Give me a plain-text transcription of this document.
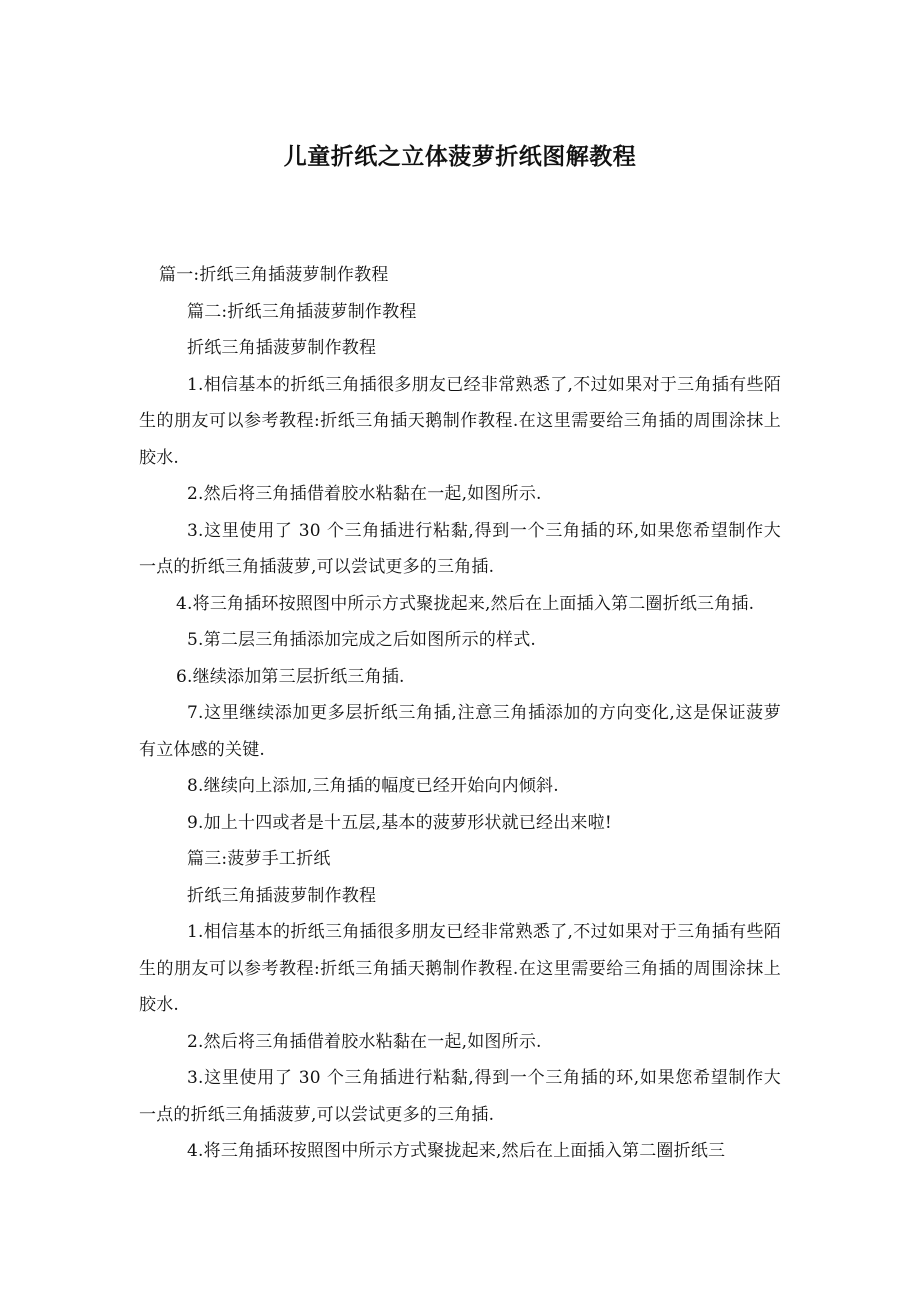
儿童折纸之立体菠萝折纸图解教程

篇一:折纸三角插菠萝制作教程

篇二:折纸三角插菠萝制作教程

折纸三角插菠萝制作教程

1.相信基本的折纸三角插很多朋友已经非常熟悉了,不过如果对于三角插有些陌生的朋友可以参考教程:折纸三角插天鹅制作教程.在这里需要给三角插的周围涂抹上胶水.

2.然后将三角插借着胶水粘黏在一起,如图所示.

3.这里使用了 30 个三角插进行粘黏,得到一个三角插的环,如果您希望制作大一点的折纸三角插菠萝,可以尝试更多的三角插.

4.将三角插环按照图中所示方式聚拢起来,然后在上面插入第二圈折纸三角插.

5.第二层三角插添加完成之后如图所示的样式.

6.继续添加第三层折纸三角插.

7.这里继续添加更多层折纸三角插,注意三角插添加的方向变化,这是保证菠萝有立体感的关键.

8.继续向上添加,三角插的幅度已经开始向内倾斜.

9.加上十四或者是十五层,基本的菠萝形状就已经出来啦!

篇三:菠萝手工折纸

折纸三角插菠萝制作教程

1.相信基本的折纸三角插很多朋友已经非常熟悉了,不过如果对于三角插有些陌生的朋友可以参考教程:折纸三角插天鹅制作教程.在这里需要给三角插的周围涂抹上胶水.

2.然后将三角插借着胶水粘黏在一起,如图所示.

3.这里使用了 30 个三角插进行粘黏,得到一个三角插的环,如果您希望制作大一点的折纸三角插菠萝,可以尝试更多的三角插.

4.将三角插环按照图中所示方式聚拢起来,然后在上面插入第二圈折纸三
